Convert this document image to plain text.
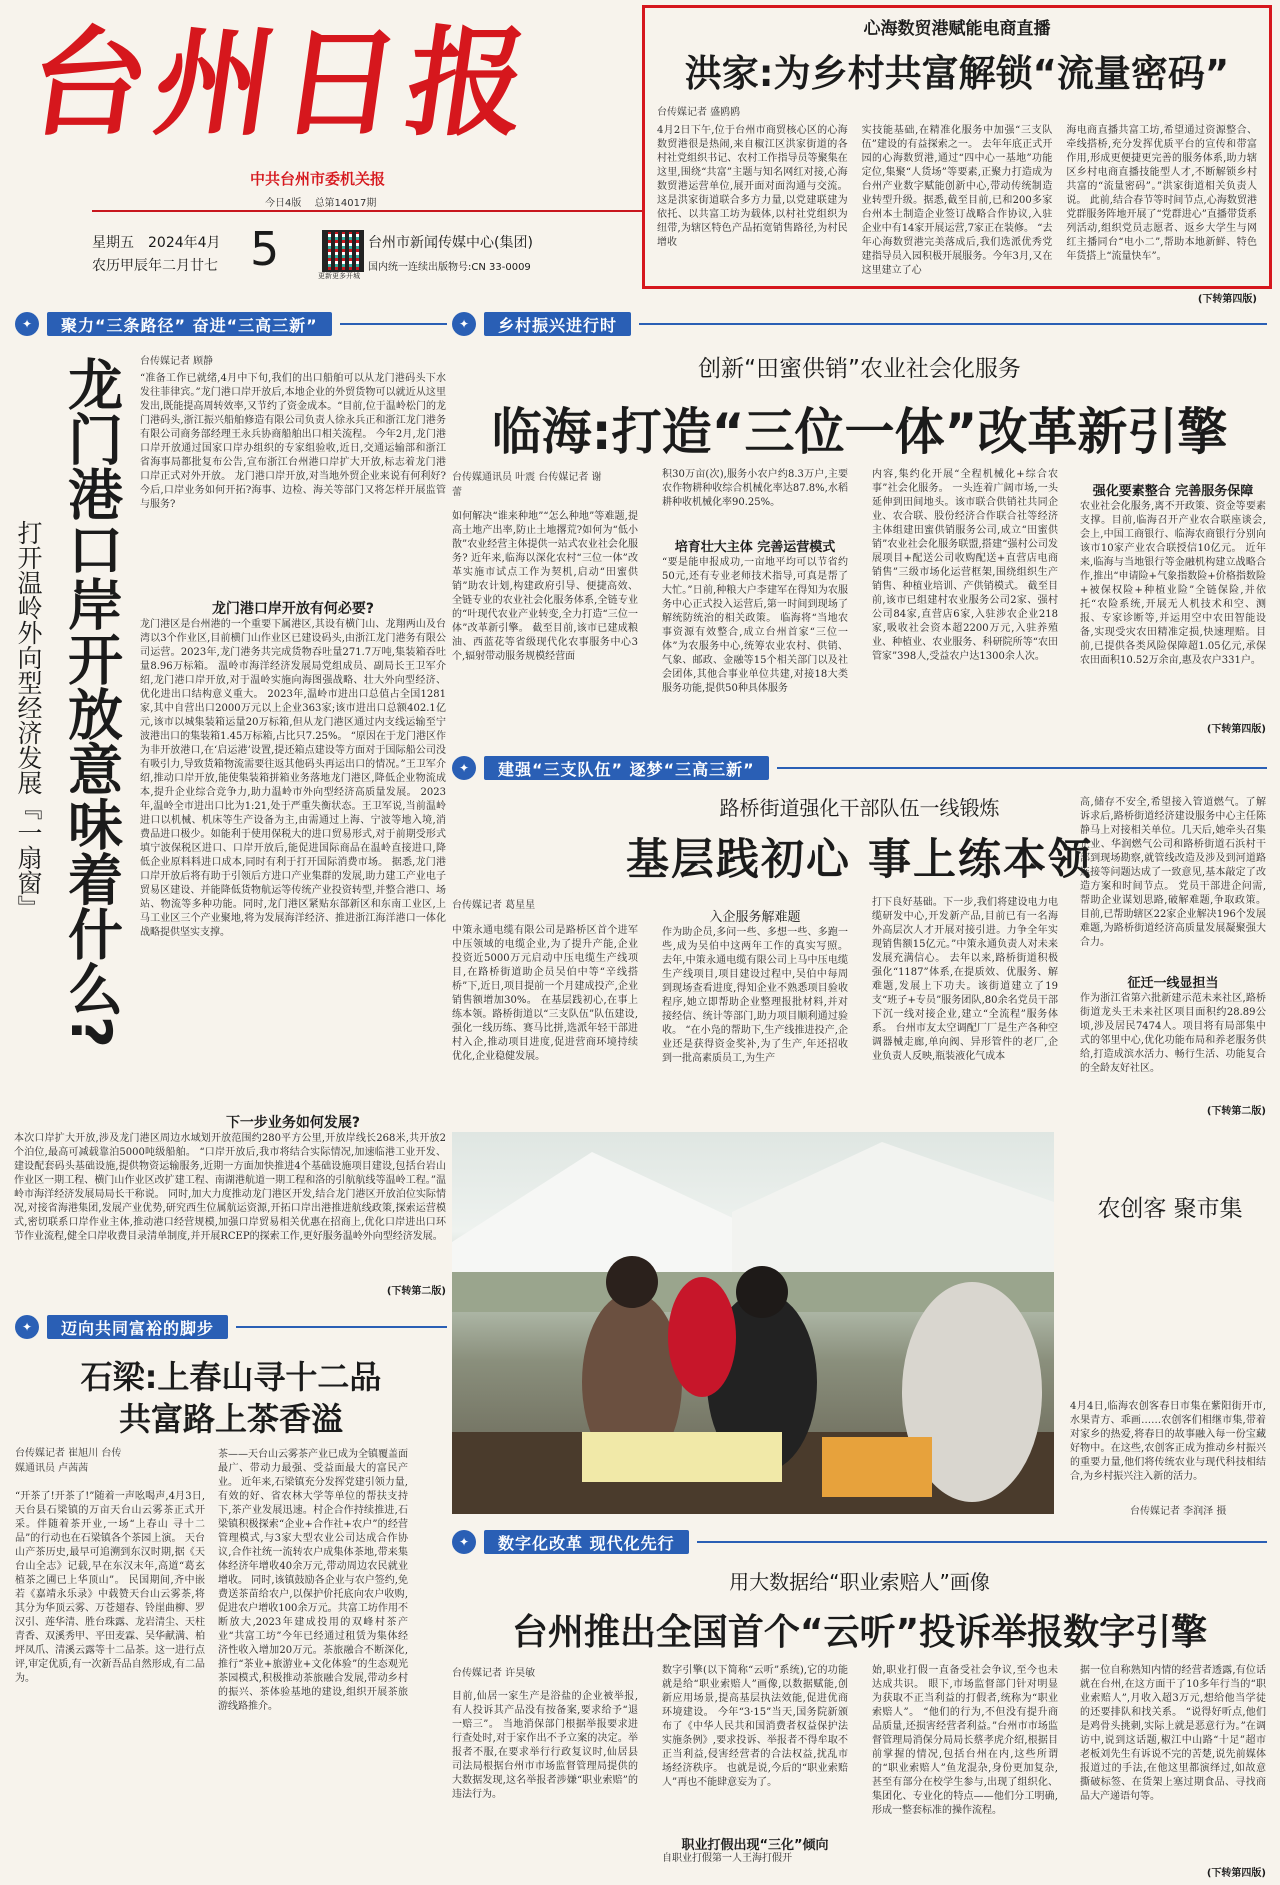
台州日报
中共台州市委机关报
今日4版 总第14017期
星期五 2024年4月
农历甲辰年二月廿七 5	更新更多开城
台州市新闻传媒中心(集团)
国内统一连续出版物号:CN 33-0009
心海数贸港赋能电商直播
洪家:为乡村共富解锁“流量密码”
台传媒记者 盛鸥鸥
4月2日下午,位于台州市商贸核心区的心海数贸港很是热闹,来自椒江区洪家街道的各村社党组织书记、农村工作指导员等聚集在这里,围绕“共富”主题与知名网红对接,心海数贸港运营单位,展开面对面沟通与交流。 这是洪家街道联合多方力量,以党建联建为依托、以共富工坊为载体,以村社党组织为纽带,为辖区特色产品拓宽销售路径,为村民增收
实技能基础,在精准化服务中加强“三支队伍”建设的有益探索之一。 去年年底正式开园的心海数贸港,通过“四中心一基地”功能定位,集聚“人货场”等要素,正聚力打造成为台州产业数字赋能创新中心,带动传统制造业转型升级。据悉,截至目前,已和200多家台州本土制造企业签订战略合作协议,入驻企业中有14家开展运营,7家正在装修。 “去年心海数贸港完美落成后,我们选派优秀党建指导员入园积极开展服务。今年3月,又在这里建立了心
海电商直播共富工坊,希望通过资源整合、牵线搭桥,充分发挥优质平台的宣传和带富作用,形成更便捷更完善的服务体系,助力辖区乡村电商直播技能型人才,不断解锁乡村共富的“流量密码”。”洪家街道相关负责人说。 此前,结合春节等时间节点,心海数贸港党群服务阵地开展了“党群进心”直播带货系列活动,组织党员志愿者、返乡大学生与网红主播同台“电小二”,帮助本地新鲜、特色年货搭上“流量快车”。
(下转第四版)
✦	聚力“三条路径” 奋进“三高三新”
龙门港口岸开放意味着什么?
打开温岭外向型经济发展『一扇窗』
台传媒记者 顾静
“准备工作已就绪,4月中下旬,我们的出口船舶可以从龙门港码头下水发往菲律宾。”龙门港口岸开放后,本地企业的外贸货物可以就近从这里发出,既能提高周转效率,又节约了资金成本。“目前,位于温岭松门的龙门港码头,浙江振兴船舶修造有限公司负责人徐永兵正和浙江龙门港务有限公司商务部经理王永兵协商船舶出口相关流程。 今年2月,龙门港口岸开放通过国家口岸办组织的专家组验收,近日,交通运输部和浙江省海事局都批复布公告,宣布浙江台州港口岸扩大开放,标志着龙门港口岸正式对外开放。 龙门港口岸开放,对当地外贸企业来说有何利好?今后,口岸业务如何开拓?海事、边检、海关等部门又将怎样开展监管与服务?
龙门港口岸开放有何必要?
龙门港区是台州港的一个重要下属港区,其设有横门山、龙翔两山及台湾以3个作业区,目前横门山作业区已建设码头,由浙江龙门港务有限公司运营。2023年,龙门港务共完成货物吞吐量271.7万吨,集装箱吞吐量8.96万标箱。 温岭市海洋经济发展局党组成员、副局长王卫军介绍,龙门港口岸开放,对于温岭实施向海图强战略、壮大外向型经济、优化进出口结构意义重大。 2023年,温岭市进出口总值占全国1281家,其中自营出口2000万元以上企业363家;该市进出口总额402.1亿元,该市以城集装箱运量20万标箱,但从龙门港区通过内支线运输至宁波港出口的集装箱1.45万标箱,占比只7.25%。 “原因在于龙门港区作为非开放港口,在‘启运港’设置,提还箱点建设等方面对于国际船公司没有吸引力,导致货箱物流需要往返其他码头再运出口的情况。”王卫军介绍,推动口岸开放,能使集装箱拼箱业务落地龙门港区,降低企业物流成本,提升企业综合竞争力,助力温岭市外向型经济高质量发展。 2023年,温岭全市进出口比为1:21,处于严重失衡状态。王卫军说,当前温岭进口以机械、机床等生产设备为主,由需通过上海、宁波等地入境,消费品进口极少。如能利于使用保税大的进口贸易形式,对于前期受形式填宁波保税区进口、口岸开放后,能促进国际商品在温岭直接进口,降低企业原料料进口成本,同时有利于打开国际消费市场。 据悉,龙门港口岸开放后将有助于引领后方进口产业集群的发展,助力建工产业电子贸易区建设、并能降低货物航运等传统产业投资转型,并整合港口、场站、物流等多种功能。同时,龙门港区紧贴东部新区和东南工业区,上马工业区三个产业聚地,将为发展海洋经济、推进浙江海洋港口一体化战略提供坚实支撑。
下一步业务如何发展?
本次口岸扩大开放,涉及龙门港区周边水域划开放范围约280平方公里,开放岸线长268米,共开放2个泊位,最高可减载靠泊5000吨级船舶。 “口岸开放后,我市将结合实际情况,加速临港工业开发、建设配套码头基础设施,提供物资运输服务,近期一方面加快推进4个基础设施项目建设,包括台岩山作业区一期工程、横门山作业区改扩建工程、南湖港航道一期工程和洛的引航航线等温岭工程。”温岭市海洋经济发展局局长干称说。 同时,加大力度推动龙门港区开发,结合龙门港区开放泊位实际情况,对接省海港集团,发展产业优势,研究西生位属航运资源,开拓口岸出港推进航线政策,探索运营模式,密切联系口岸作业主体,推动港口经营规模,加强口岸贸易相关优惠在招商上,优化口岸进出口环节作业流程,健全口岸收费目录清单制度,并开展RCEP的探索工作,更好服务温岭外向型经济发展。
(下转第二版)
✦	乡村振兴进行时
创新“田蜜供销”农业社会化服务
临海:打造“三位一体”改革新引擎
台传媒通讯员 叶震 台传媒记者 谢蕾
如何解决“谁来种地”“怎么种地”等难题,提高土地产出率,防止土地撂荒?如何为“低小散”农业经营主体提供一站式农业社会化服务? 近年来,临海以深化农村“三位一体”改革实施市试点工作为契机,启动“田蜜供销”助农计划,构建政府引导、便捷高效、全链专业的农业社会化服务体系,全链专业的“叶现代农业产业转变,全力打造“三位一体”改革新引擎。 截至目前,该市已建成粮油、西蓝花等省级现代化农事服务中心3个,辐射带动服务规模经营面
积30万亩(次),服务小农户约8.3万户,主要农作物耕种收综合机械化率达87.8%,水稻耕种收机械化率90.25%。
培育壮大主体 完善运营模式
“要是能申报成功,一亩地平均可以节省约50元,还有专业老师技术指导,可真是帮了大忙。”日前,种粮大户李建军在得知为农服务中心正式投入运营后,第一时间到现场了解统防统治的相关政策。 临海将“当地农事资源有效整合,成立台州首家“三位一体”为农服务中心,统筹农业农村、供销、气象、邮政、金融等15个相关部门以及社会团体,其他合事业单位共建,对接18大类服务功能,提供50种具体服务
内容,集约化开展“全程机械化+综合农事”社会化服务。 一头连着广阔市场,一头延伸到田间地头。该市联合供销社共同企业、农合联、股份经济合作联合社等经济主体组建田蜜供销服务公司,成立“田蜜供销”农业社会化服务联盟,搭建“强村公司发展项目+配送公司收购配送+直营店电商销售”三级市场化运营框架,围绕组织生产销售、种植业培训、产供销模式。 截至目前,该市已组建村农业服务公司2家、强村公司84家,直营店6家,入驻涉农企业218家,吸收社会资本超2200万元,入驻养殖业、种植业、农业服务、科研院所等“农田管家”398人,受益农户达1300余人次。
强化要素整合 完善服务保障
农业社会化服务,离不开政策、资金等要素支撑。目前,临海召开产业农合联座谈会,会上,中国工商银行、临海农商银行分别向该市10家产业农合联授信10亿元。 近年来,临海与当地银行等金融机构建立战略合作,推出“申请险+气象指数险+价格指数险+被保权险+种植业险”全链保险,并依托“农险系统,开展无人机技术和空、测报、专家诊断等,并运用空中农田智能设备,实现受灾农田精准定损,快速理赔。目前,已提供各类风险保障超1.05亿元,承保农田面积10.52万余亩,惠及农户331户。
(下转第四版)
✦	建强“三支队伍” 逐梦“三高三新”
路桥街道强化干部队伍一线锻炼
基层践初心 事上练本领
台传媒记者 葛星星
中策永通电缆有限公司是路桥区首个进军中压领域的电缆企业,为了提升产能,企业投资近5000万元启动中压电缆生产线项目,在路桥街道助企员吴伯中等“辛线搭桥”下,近日,项目提前一个月建成投产,企业销售额增加30%。 在基层践初心,在事上练本领。路桥街道以“三支队伍”队伍建设,强化一线历练、赛马比拼,选派年轻干部进村入企,推动项目进度,促进营商环境持续优化,企业稳健发展。
入企服务解难题
作为助企员,多问一些、多想一些、多跑一些,成为吴伯中这两年工作的真实写照。 去年,中策永通电缆有限公司上马中压电缆生产线项目,项目建设过程中,吴伯中每周到现场查看进度,得知企业不熟悉项目验收程序,她立即帮助企业整理报批材料,并对接经信、统计等部门,助力项目顺利通过验收。 “在小凫的帮助下,生产线推进投产,企业还是获得资金奖补,为了生产,年还招收到一批高素质员工,为生产
打下良好基础。下一步,我们将建设电力电缆研发中心,开发新产品,目前已有一名海外高层次人才开展对接引进。力争全年实现销售额15亿元。”中策永通负责人对未来发展充满信心。 去年以来,路桥街道积极强化“1187”体系,在提质效、优服务、解难题,发展上下功夫。该街道建立了19支“班子+专员”服务团队,80余名党员干部下沉一线对接企业,建立“全流程”服务体系。 台州市友太空调配厂厂是生产各种空调器械走廊,单向阀、异形管件的老厂,企业负责人反映,瓶装液化气成本
高,储存不安全,希望接入管道燃气。了解诉求后,路桥街道经济建设服务中心主任陈静马上对接相关单位。几天后,她牵头召集企业、华润燃气公司和路桥街道石浜村干部到现场勘察,就管线改造及涉及到河道路连接等问题达成了一致意见,基本敲定了改造方案和时间节点。 党员干部进企问需,帮助企业谋划思路,破解难题,争取政策。目前,已帮助辖区22家企业解决196个发展难题,为路桥街道经济高质量发展凝聚强大合力。
征迁一线显担当
作为浙江省第六批新建示范未来社区,路桥街道龙头王未来社区项目面积约28.89公顷,涉及居民7474人。项目将有局部集中式的邻里中心,优化功能布局和养老服务供给,打造成滨水活力、畅行生活、功能复合的全龄友好社区。
(下转第二版)
农创客 聚市集
4月4日,临海农创客春日市集在紫阳街开市,水果青方、乖画……农创客们相继市集,带着对家乡的热爱,将春日的故事融入每一份宝藏好物中。在这些,农创客正成为推动乡村振兴的重要力量,他们将传统农业与现代科技相结合,为乡村振兴注入新的活力。
台传媒记者 李润泽 摄
✦	迈向共同富裕的脚步
石梁:上春山寻十二品
共富路上茶香溢
台传媒记者 崔旭川 台传媒通讯员 卢茜茜
“开茶了!开茶了!”随着一声吆喝声,4月3日,天台县石梁镇的万亩天台山云雾茶正式开采。伴随着茶开业,一场“上春山 寻十二品”的行动也在石梁镇各个茶园上演。 天台山产茶历史,最早可追溯到东汉时期,据《天台山全志》记载,早在东汉末年,高道“葛玄植茶之圃已上华顶山”。 民国期间,齐中嵌若《嘉靖永乐录》中载赞天台山云雾茶,将其分为华顶云雾、万苍翅春、铃崖曲柳、罗汉引、莲华清、胜台珠露、龙岩清尘、天柱青香、双溪秀甲、平田麦霖、吴华献满、柏坪凤爪、清溪云露等十二品茶。这一进行点评,审定优质,有一次新吾品自然形成,有二品为。
茶——天台山云雾茶产业已成为全镇覆盖面最广、带动力最强、受益面最大的富民产业。 近年来,石梁镇充分发挥党建引领力量,有效的好、省农林大学等单位的帮扶支持下,茶产业发展迅速。村企合作持续推进,石梁镇积极探索“企业+合作社+农户”的经营管理模式,与3家大型农业公司达成合作协议,合作社统一流转农户成集体茶地,带来集体经济年增收40余万元,带动周边农民就业增收。 同时,该镇鼓励各企业与农户签约,免费送茶苗给农户,以保护价托底向农户收购,促进农户增收100余万元。共富工坊作用不断放大,2023年建成投用的双峰村茶产业“共富工坊”今年已经通过租赁为集体经济性收入增加20万元。茶旅融合不断深化,推行“茶业+旅游业+文化体验”的生态观光茶园模式,积极推动茶旅融合发展,带动乡村的振兴、茶体验基地的建设,组织开展茶旅游线路推介。
✦	数字化改革 现代化先行
用大数据给“职业索赔人”画像
台州推出全国首个“云听”投诉举报数字引擎
台传媒记者 许昊敏
目前,仙居一家生产是浴盐的企业被举报,有人投诉其产品没有按备案,要求给予“退一赔三”。 当地消保部门根据举报要求进行查处时,对于家作出不予立案的决定。举报者不服,在要求举行行政复议时,仙居县司法局根据台州市市场监督管理局提供的大数据发现,这名举报者涉嫌“职业索赔”的违法行为。
数字引擎(以下简称“云听”系统),它的功能就是给“职业索赔人”画像,以数据赋能,创新应用场景,提高基层执法效能,促进优商环境建设。 今年“3·15”当天,国务院新颁布了《中华人民共和国消费者权益保护法实施条例》,要求投诉、举报者不得牟取不正当利益,侵害经营者的合法权益,扰乱市场经济秩序。 也就是说,今后的“职业索赔人”再也不能肆意妄为了。
职业打假出现“三化”倾向
自职业打假第一人王海打假开
始,职业打假一直备受社会争议,至今也未达成共识。 眼下,市场监督部门针对明显为获取不正当利益的打假者,统称为“职业索赔人”。 “他们的行为,不但没有提升商品质量,还损害经营者利益。”台州市市场监督管理局消保分局局长蔡孝虎介绍,根据目前掌握的情况,包括台州在内,这些所谓的“职业索赔人”鱼龙混杂,身份更加复杂,甚至有部分在校学生参与,出现了组织化、集团化、专业化的特点——他们分工明确,形成一整套标准的操作流程。
据一位自称熟知内情的经营者透露,有位话就在台州,在这方面干了10多年行当的“职业索赔人”,月收入超3万元,想给他当学徒的还要排队和找关系。 “说得好听点,他们是鸡骨头挑刺,实际上就是恶意行为。”在调访中,说到这话题,椒江中山路“十足”超市老板刘先生有诉说不完的苦楚,说先前媒体报道过的手法,在他这里都演绎过,如故意撕破标签、在货架上塞过期食品、寻找商品大产递语句等。
(下转第四版)
